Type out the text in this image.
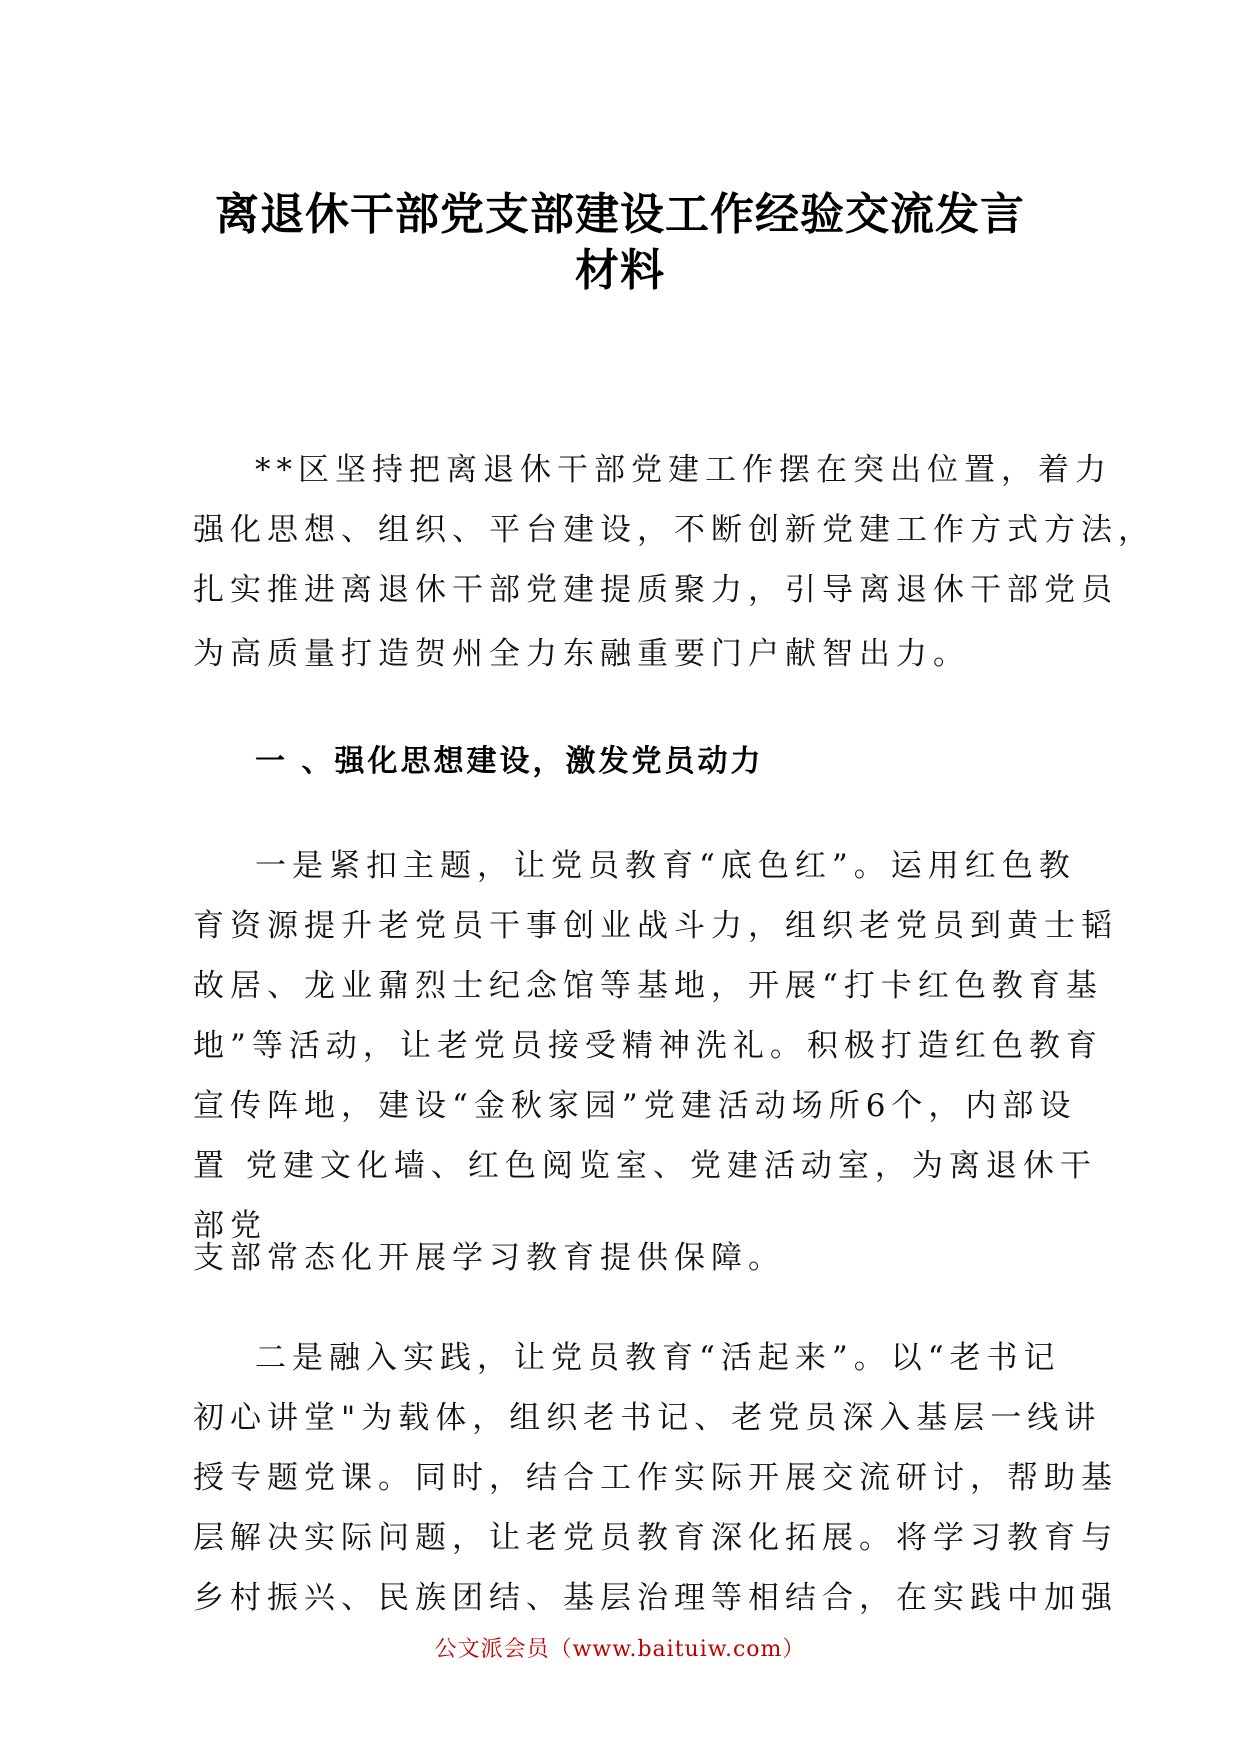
离退休干部党支部建设工作经验交流发言
材料
**区坚持把离退休干部党建工作摆在突出位置，着力
强化思想、组织、平台建设，不断创新党建工作方式方法，
扎实推进离退休干部党建提质聚力，引导离退休干部党员
为高质量打造贺州全力东融重要门户献智出力。
一 、强化思想建设，激发党员动力
一是紧扣主题，让党员教育“底色红”。运用红色教
育资源提升老党员干事创业战斗力，组织老党员到黄士韬
故居、龙业鼐烈士纪念馆等基地，开展“打卡红色教育基
地”等活动，让老党员接受精神洗礼。积极打造红色教育
宣传阵地，建设“金秋家园”党建活动场所6个，内部设
置 党建文化墙、红色阅览室、党建活动室，为离退休干
部党
支部常态化开展学习教育提供保障。
二是融入实践，让党员教育“活起来”。以“老书记
初心讲堂"为载体，组织老书记、老党员深入基层一线讲
授专题党课。同时，结合工作实际开展交流研讨，帮助基
层解决实际问题，让老党员教育深化拓展。将学习教育与
乡村振兴、民族团结、基层治理等相结合，在实践中加强
公文派会员（www.baituiw.com）
